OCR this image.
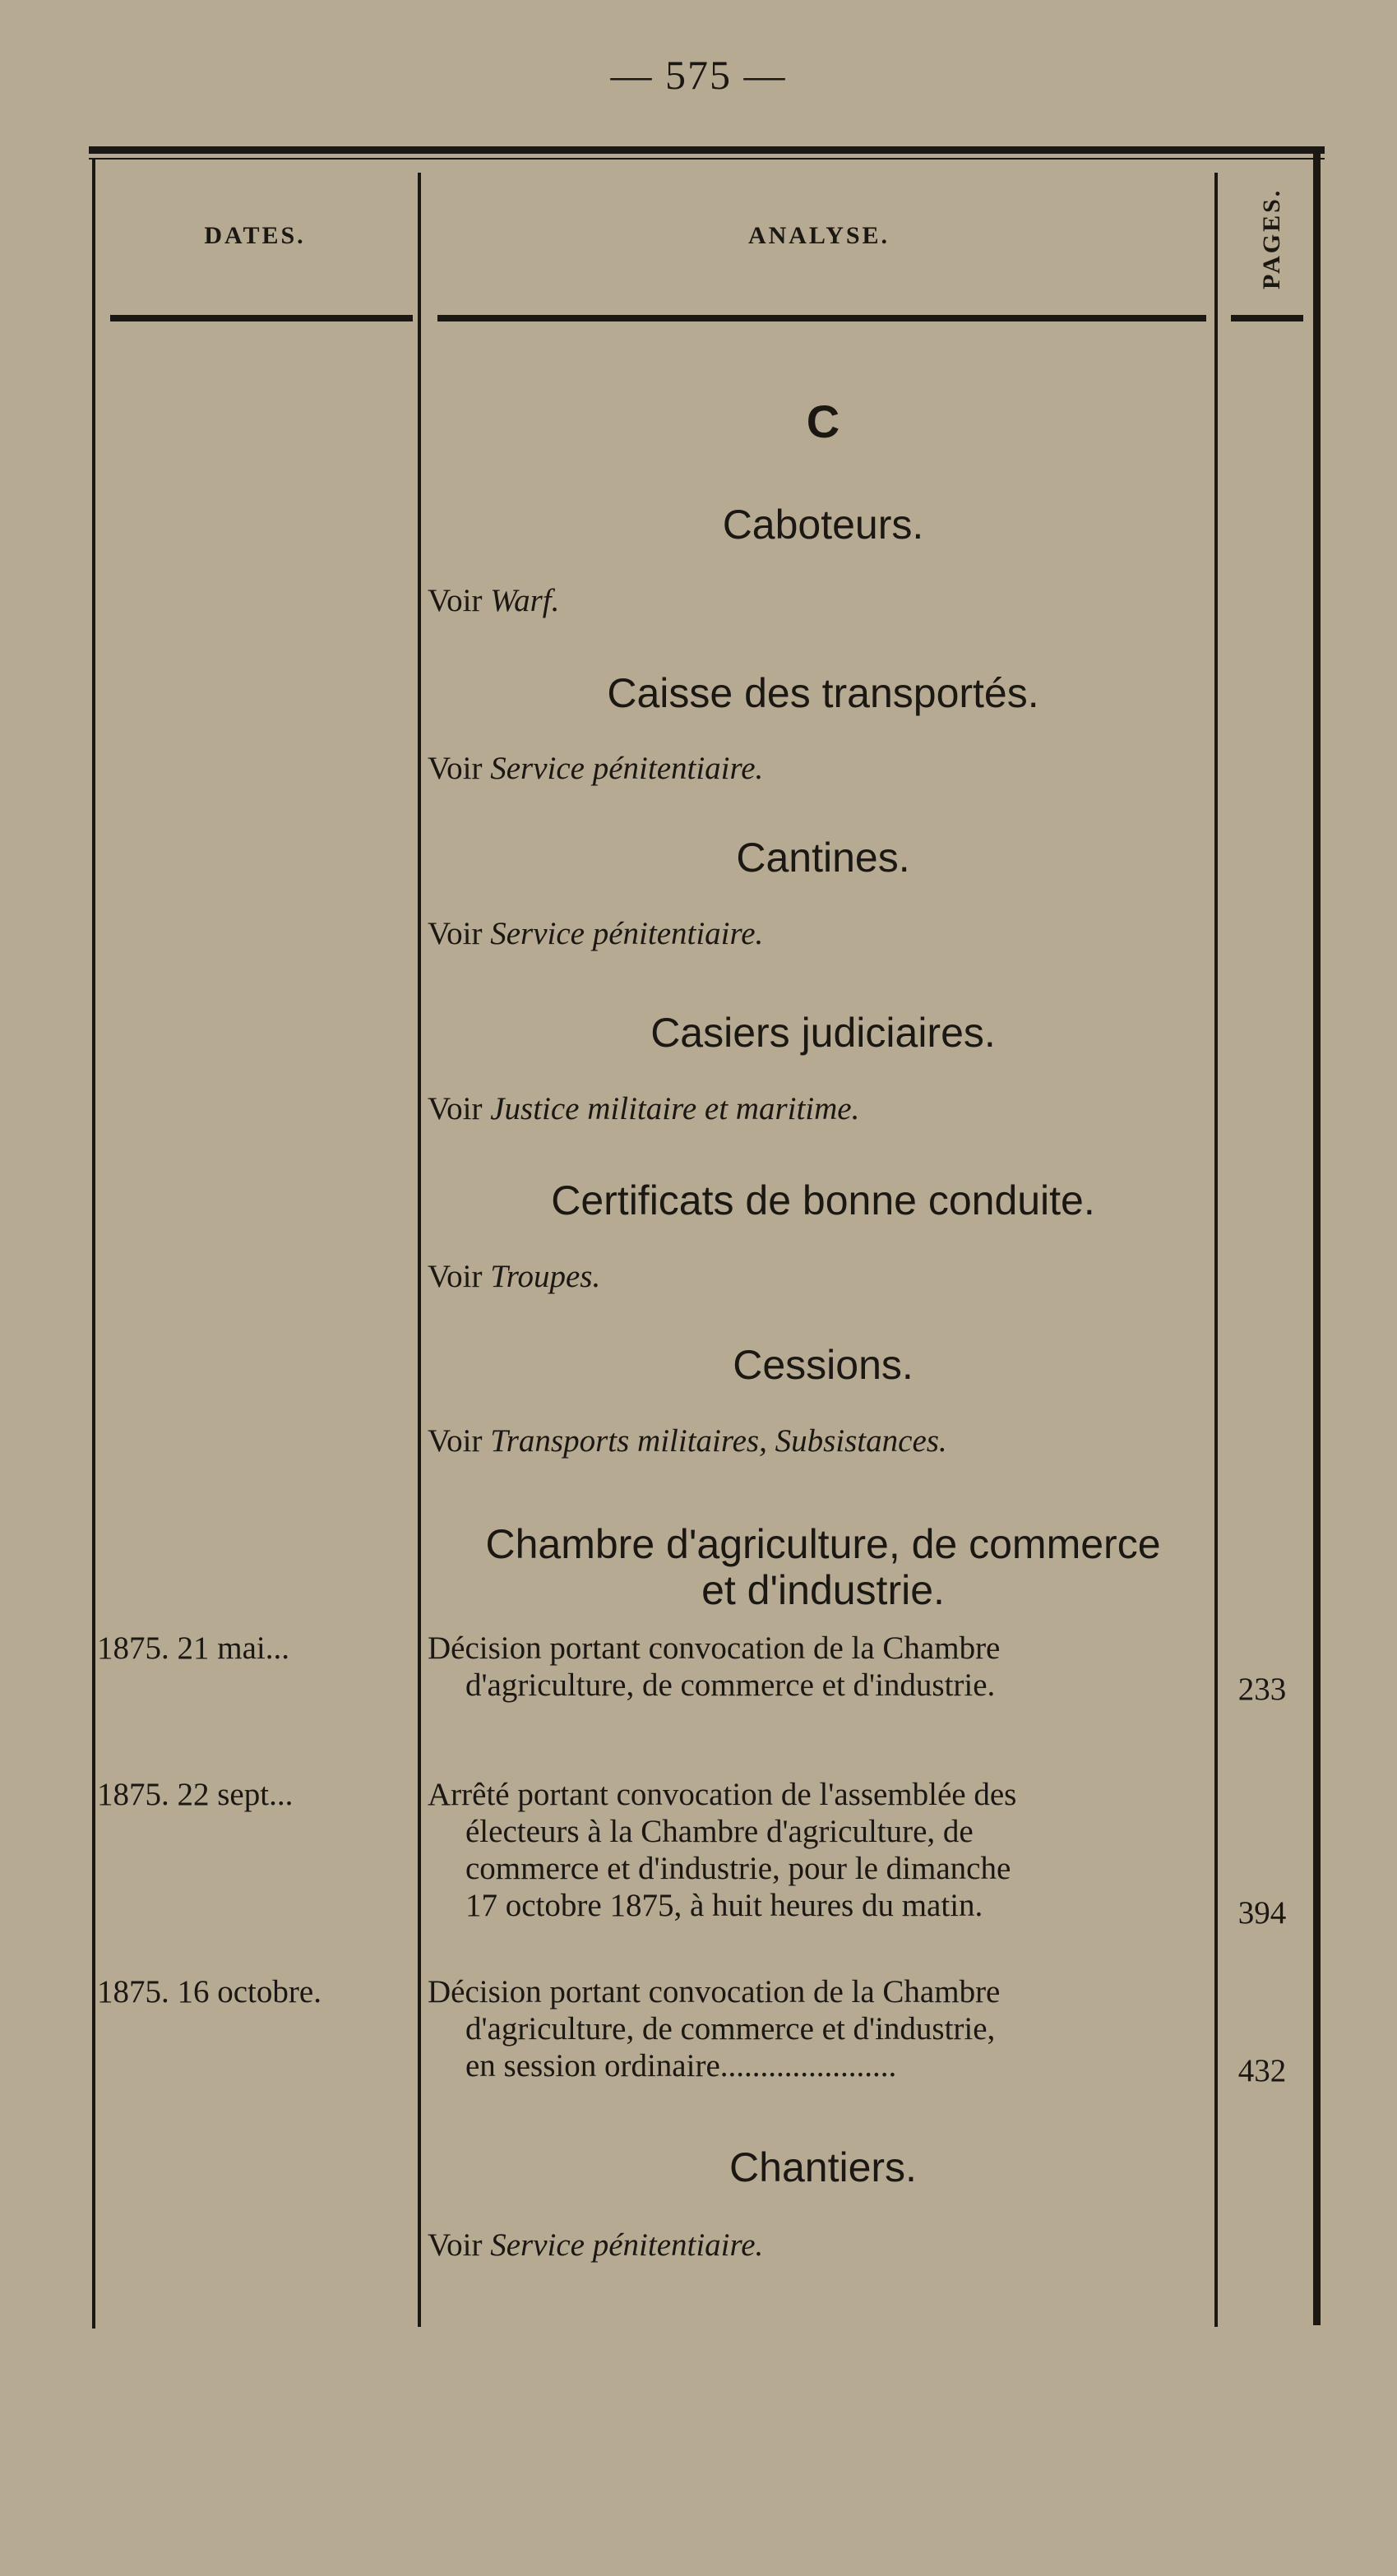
— 575 —
DATES.	ANALYSE.	PAGES.
C
Caboteurs.
Voir Warf.
Caisse des transportés.
Voir Service pénitentiaire.
Cantines.
Voir Service pénitentiaire.
Casiers judiciaires.
Voir Justice militaire et maritime.
Certificats de bonne conduite.
Voir Troupes.
Cessions.
Voir Transports militaires, Subsistances.
Chambre d'agriculture, de commerce
et d'industrie.
1875. 21 mai...	Décision portant convocation de la Chambre
d'agriculture, de commerce et d'industrie.	233
1875. 22 sept...	Arrêté portant convocation de l'assemblée des
électeurs à la Chambre d'agriculture, de
commerce et d'industrie, pour le dimanche
17 octobre 1875, à huit heures du matin.	394
1875. 16 octobre.	Décision portant convocation de la Chambre
d'agriculture, de commerce et d'industrie,
en session ordinaire......................	432
Chantiers.
Voir Service pénitentiaire.
